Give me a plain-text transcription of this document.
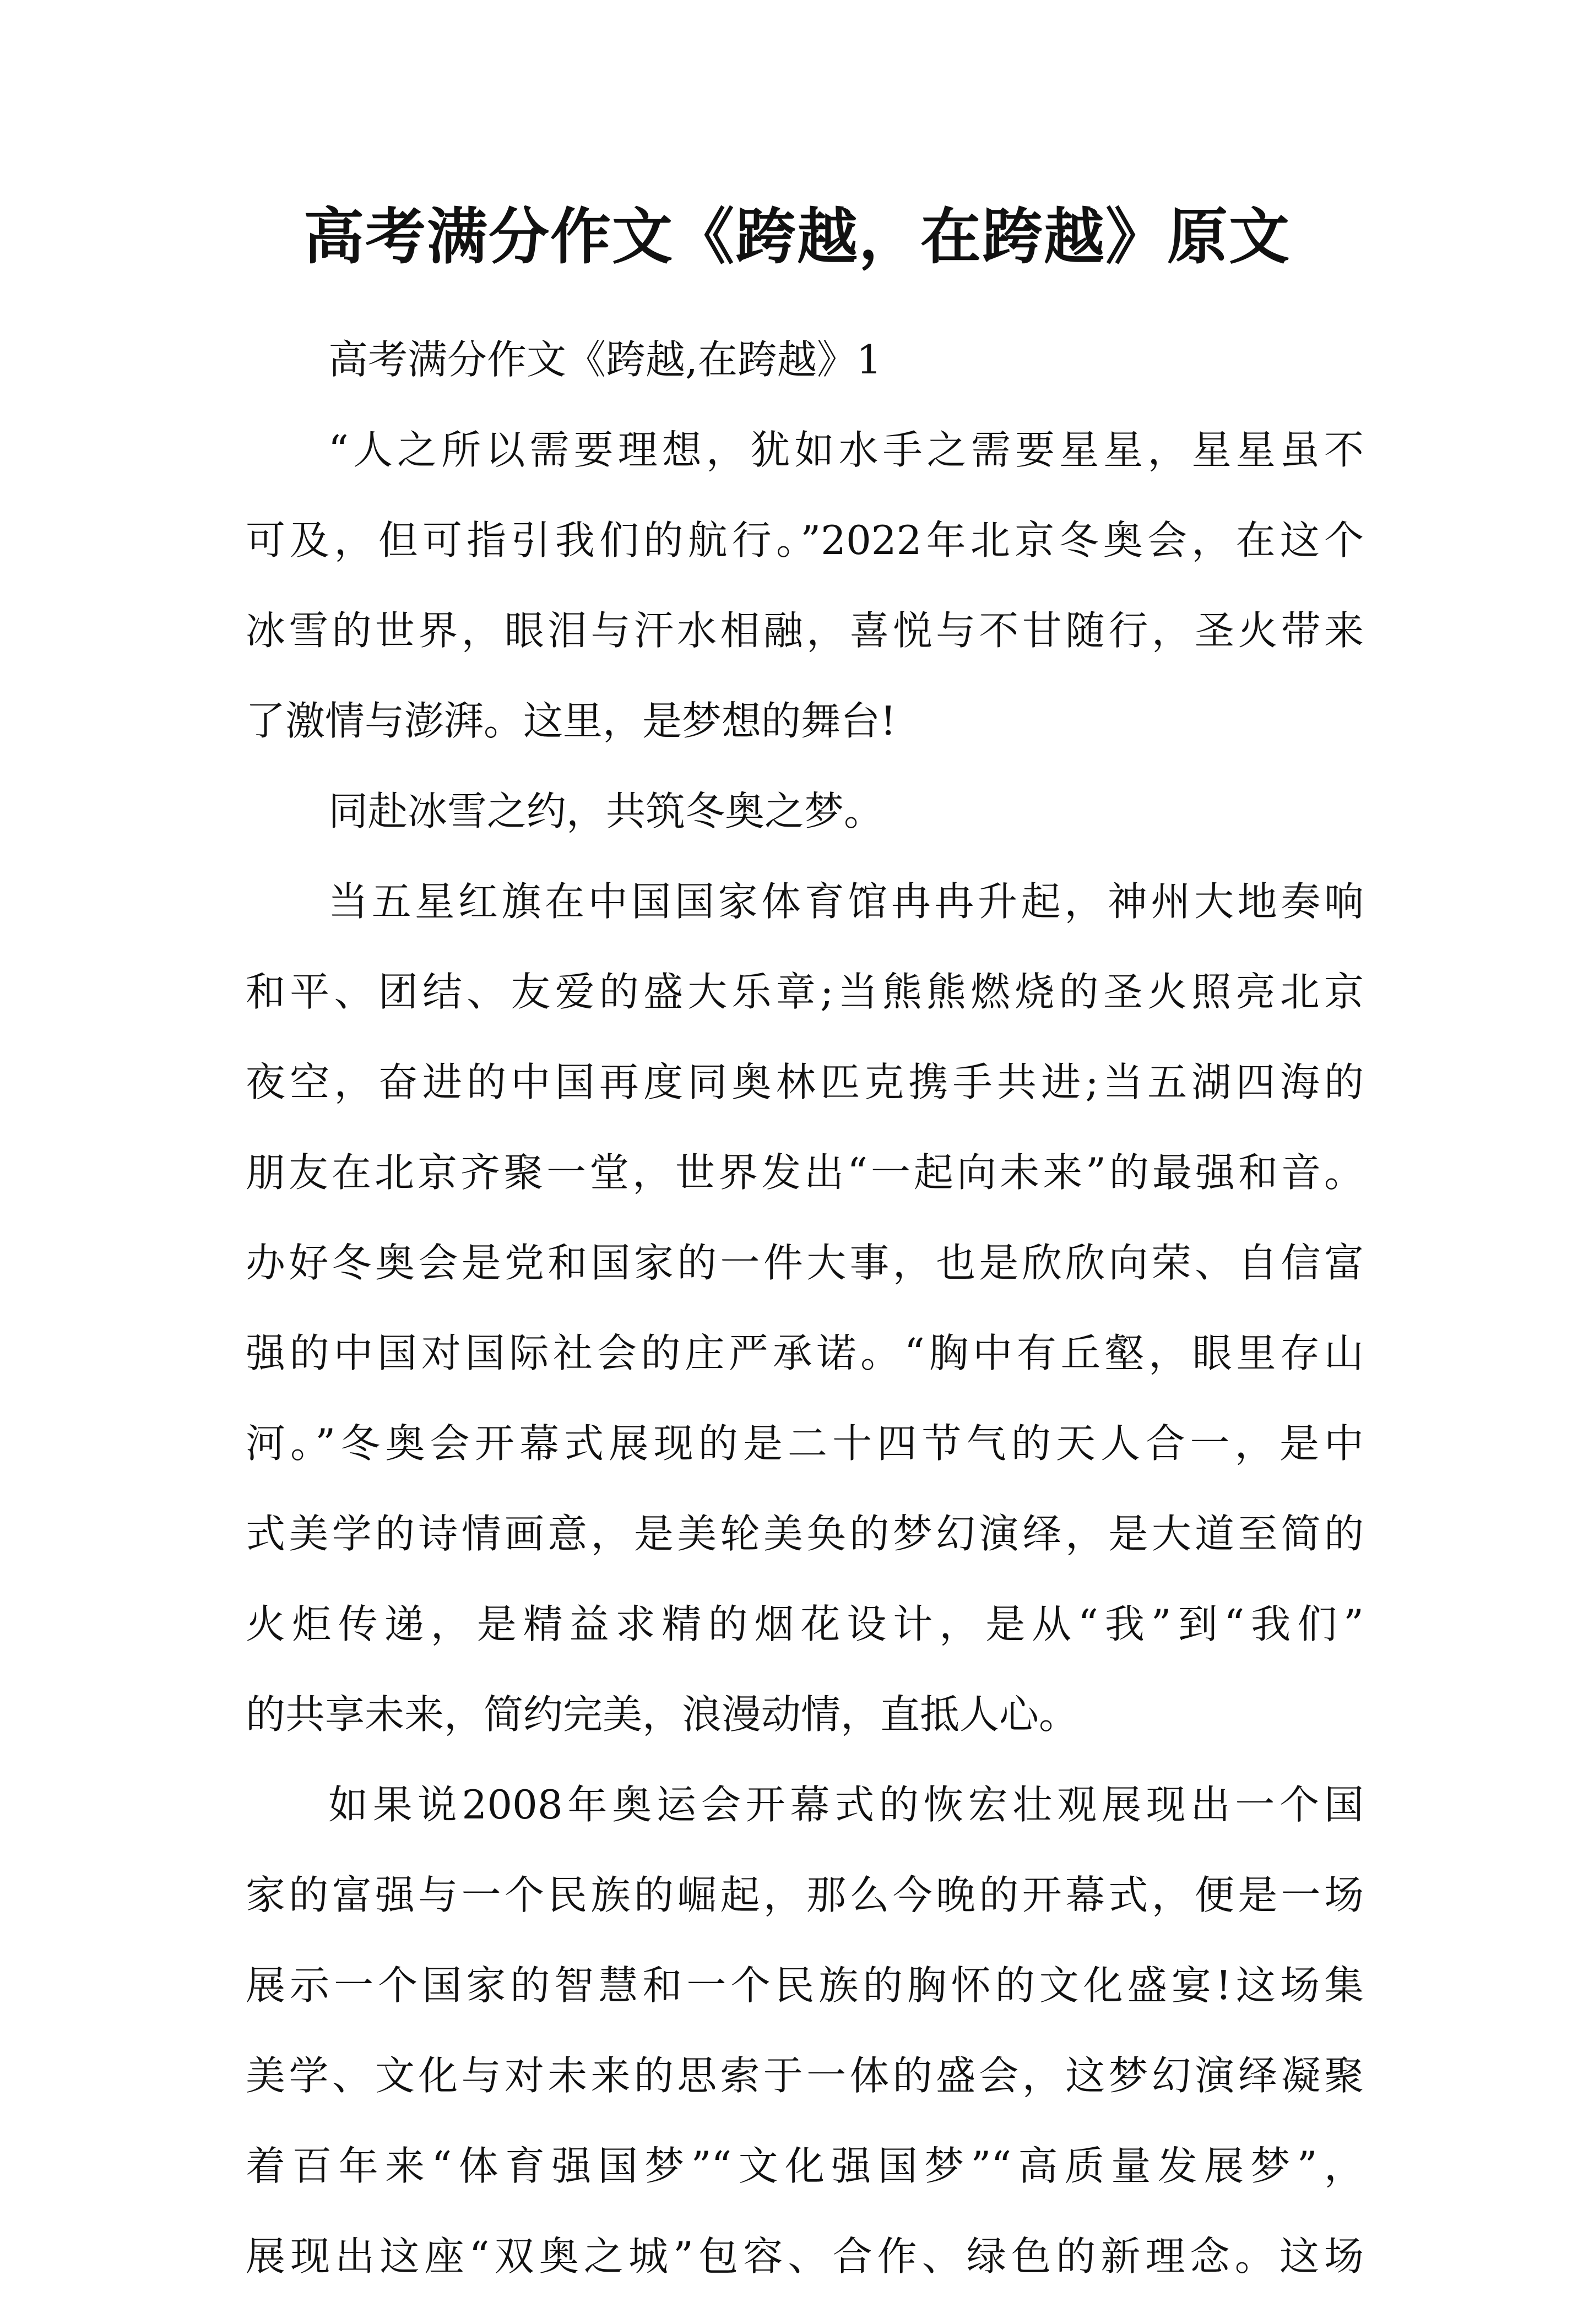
高考满分作文《跨越，在跨越》原文
高考满分作文《跨越,在跨越》1
“人之所以需要理想，犹如水手之需要星星，星星虽不
可及，但可指引我们的航行。”2022年北京冬奥会，在这个
冰雪的世界，眼泪与汗水相融，喜悦与不甘随行，圣火带来
了激情与澎湃。这里，是梦想的舞台!
同赴冰雪之约，共筑冬奥之梦。
当五星红旗在中国国家体育馆冉冉升起，神州大地奏响
和平、团结、友爱的盛大乐章;当熊熊燃烧的圣火照亮北京
夜空，奋进的中国再度同奥林匹克携手共进;当五湖四海的
朋友在北京齐聚一堂，世界发出“一起向未来”的最强和音。
办好冬奥会是党和国家的一件大事，也是欣欣向荣、自信富
强的中国对国际社会的庄严承诺。“胸中有丘壑，眼里存山
河。”冬奥会开幕式展现的是二十四节气的天人合一，是中
式美学的诗情画意，是美轮美奂的梦幻演绎，是大道至简的
火炬传递，是精益求精的烟花设计，是从“我”到“我们”
的共享未来，简约完美，浪漫动情，直抵人心。
如果说2008年奥运会开幕式的恢宏壮观展现出一个国
家的富强与一个民族的崛起，那么今晚的开幕式，便是一场
展示一个国家的智慧和一个民族的胸怀的文化盛宴!这场集
美学、文化与对未来的思索于一体的盛会，这梦幻演绎凝聚
着百年来“体育强国梦”“文化强国梦”“高质量发展梦”，
展现出这座“双奥之城”包容、合作、绿色的新理念。这场
